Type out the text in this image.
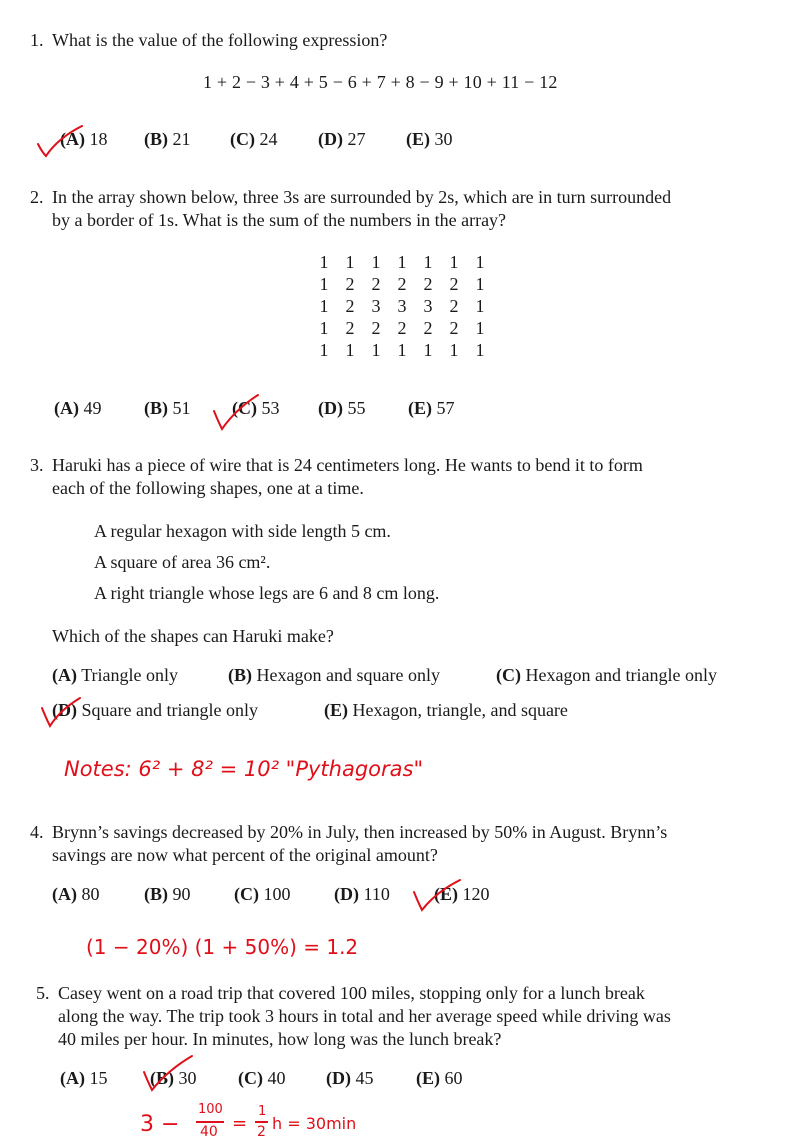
1. What is the value of the following expression?
1 + 2 − 3 + 4 + 5 − 6 + 7 + 8 − 9 + 10 + 11 − 12
(A) 18 (B) 21 (C) 24 (D) 27 (E) 30
2. In the array shown below, three 3s are surrounded by 2s, which are in turn surrounded
by a border of 1s. What is the sum of the numbers in the array?
1	1	1	1	1	1	1
1	2	2	2	2	2	1
1	2	3	3	3	2	1
1	2	2	2	2	2	1
1	1	1	1	1	1	1
(A) 49 (B) 51 (C) 53 (D) 55 (E) 57
3. Haruki has a piece of wire that is 24 centimeters long. He wants to bend it to form
each of the following shapes, one at a time.
A regular hexagon with side length 5 cm.
A square of area 36 cm².
A right triangle whose legs are 6 and 8 cm long.
Which of the shapes can Haruki make?
(A) Triangle only	(B) Hexagon and square only	(C) Hexagon and triangle only
(D) Square and triangle only	(E) Hexagon, triangle, and square
Notes: 6² + 8² = 10² "Pythagoras"
4. Brynn’s savings decreased by 20% in July, then increased by 50% in August. Brynn’s
savings are now what percent of the original amount?
(A) 80 (B) 90 (C) 100 (D) 110 (E) 120
(1 − 20%) (1 + 50%) = 1.2
5. Casey went on a road trip that covered 100 miles, stopping only for a lunch break
along the way. The trip took 3 hours in total and her average speed while driving was
40 miles per hour. In minutes, how long was the lunch break?
(A) 15 (B) 30 (C) 40 (D) 45 (E) 60
3 −
100
40 =
1
2 h = 30min
